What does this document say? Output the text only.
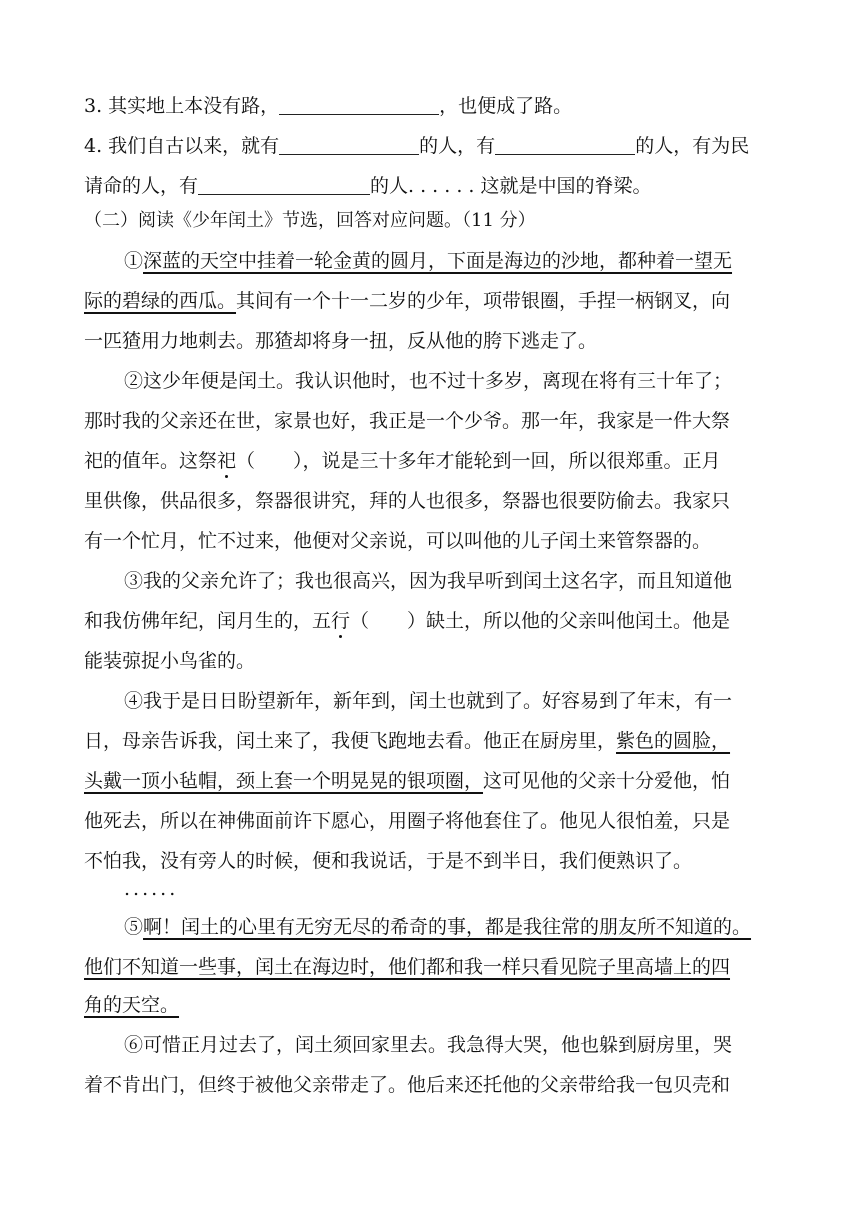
3. 其实地上本没有路，	，也便成了路。
4. 我们自古以来，就有	的人，有	的人，有为民
请命的人，有	的人. . . . . . 这就是中国的脊梁。
（二）阅读《少年闰土》节选，回答对应问题。（11 分）
①深蓝的天空中挂着一轮金黄的圆月，下面是海边的沙地，都种着一望无
际的碧绿的西瓜。其间有一个十一二岁的少年，项带银圈，手捏一柄钢叉，向
一匹猹用力地刺去。那猹却将身一扭，反从他的胯下逃走了。
②这少年便是闰土。我认识他时，也不过十多岁，离现在将有三十年了；
那时我的父亲还在世，家景也好，我正是一个少爷。那一年，我家是一件大祭
祀的值年。这祭祀（　　），说是三十多年才能轮到一回，所以很郑重。正月
里供像，供品很多，祭器很讲究，拜的人也很多，祭器也很要防偷去。我家只
有一个忙月，忙不过来，他便对父亲说，可以叫他的儿子闰土来管祭器的。
③我的父亲允许了；我也很高兴，因为我早听到闰土这名字，而且知道他
和我仿佛年纪，闰月生的，五行（　　）缺土，所以他的父亲叫他闰土。他是
能装弶捉小鸟雀的。
④我于是日日盼望新年，新年到，闰土也就到了。好容易到了年末，有一
日，母亲告诉我，闰土来了，我便飞跑地去看。他正在厨房里，紫色的圆脸，
头戴一顶小毡帽，颈上套一个明晃晃的银项圈，这可见他的父亲十分爱他，怕
他死去，所以在神佛面前许下愿心，用圈子将他套住了。他见人很怕羞，只是
不怕我，没有旁人的时候，便和我说话，于是不到半日，我们便熟识了。
......
⑤啊！闰土的心里有无穷无尽的希奇的事，都是我往常的朋友所不知道的。
他们不知道一些事，闰土在海边时，他们都和我一样只看见院子里高墙上的四
角的天空。
⑥可惜正月过去了，闰土须回家里去。我急得大哭，他也躲到厨房里，哭
着不肯出门，但终于被他父亲带走了。他后来还托他的父亲带给我一包贝壳和
